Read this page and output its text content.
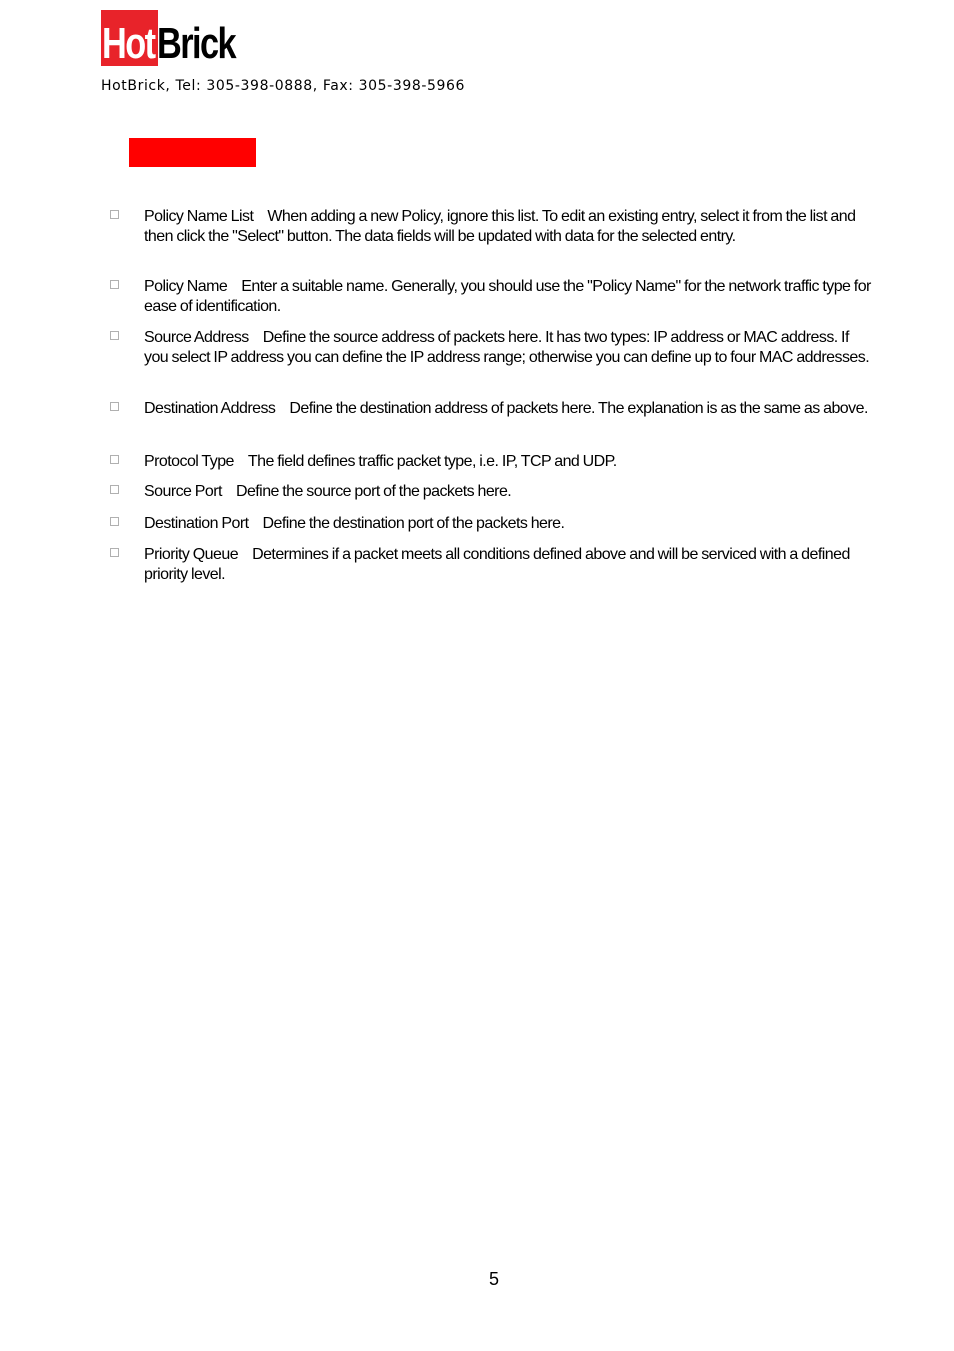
Hot Brick
HotBrick, Tel: 305-398-0888, Fax: 305-398-5966
Policy Name List When adding a new Policy, ignore this list. To edit an existing entry, select it from the list and then click the "Select" button. The data fields will be updated with data for the selected entry.
Policy Name Enter a suitable name. Generally, you should use the "Policy Name" for the network traffic type for ease of identification.
Source Address Define the source address of packets here. It has two types: IP address or MAC address. If you select IP address you can define the IP address range; otherwise you can define up to four MAC addresses.
Destination Address Define the destination address of packets here. The explanation is as the same as above.
Protocol Type The field defines traffic packet type, i.e. IP, TCP and UDP.
Source Port Define the source port of the packets here.
Destination Port Define the destination port of the packets here.
Priority Queue Determines if a packet meets all conditions defined above and will be serviced with a defined priority level.
5
